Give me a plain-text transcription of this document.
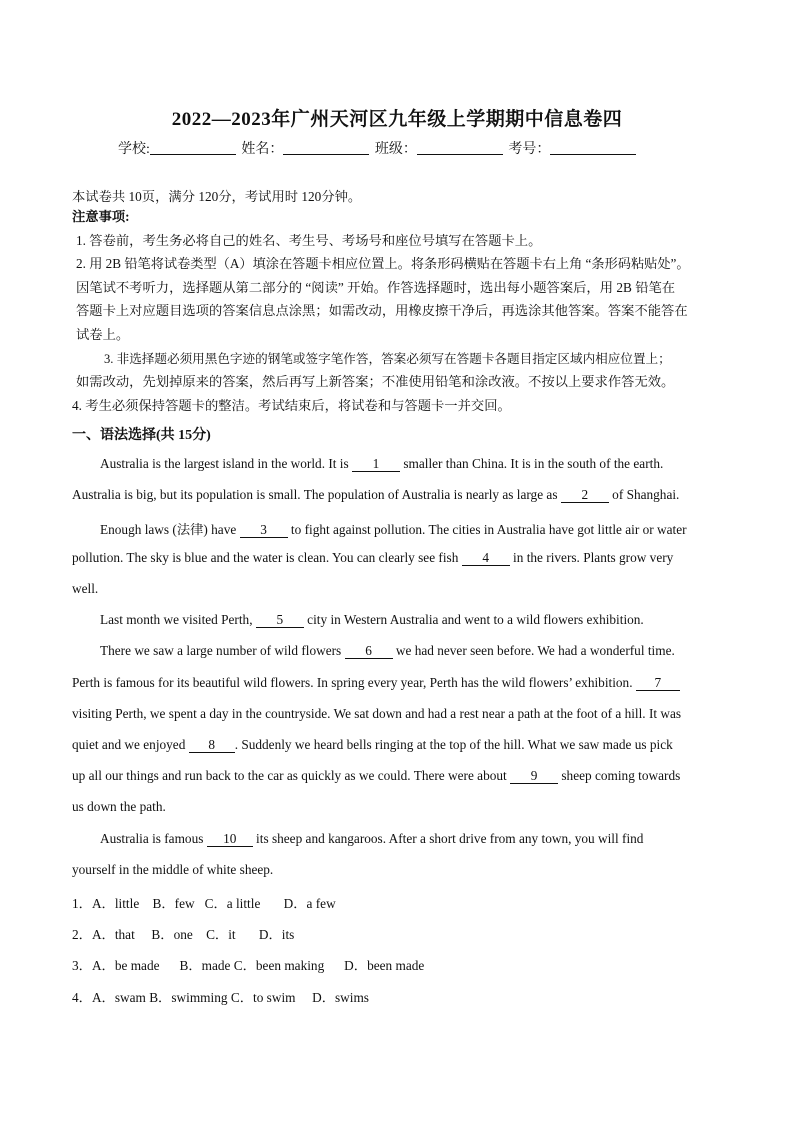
2022—2023年广州天河区九年级上学期期中信息卷四
学校:	姓名：	班级：	考号：
本试卷共 10页，满分 120分，考试用时 120分钟。
注意事项:
1. 答卷前，考生务必将自己的姓名、考生号、考场号和座位号填写在答题卡上。
2. 用 2B 铅笔将试卷类型（A）填涂在答题卡相应位置上。将条形码横贴在答题卡右上角 “条形码粘贴处”。
因笔试不考听力，选择题从第二部分的 “阅读” 开始。作答选择题时，选出每小题答案后，用 2B 铅笔在
答题卡上对应题目选项的答案信息点涂黑；如需改动，用橡皮擦干净后，再选涂其他答案。答案不能答在
试卷上。
3. 非选择题必须用黑色字迹的钢笔或签字笔作答，答案必须写在答题卡各题目指定区域内相应位置上；
如需改动，先划掉原来的答案，然后再写上新答案；不准使用铅笔和涂改液。不按以上要求作答无效。
4. 考生必须保持答题卡的整洁。考试结束后，将试卷和与答题卡一并交回。
一、语法选择(共 15分)
Australia is the largest island in the world. It is 1 smaller than China. It is in the south of the earth.
Australia is big, but its population is small. The population of Australia is nearly as large as 2 of Shanghai.
Enough laws (法律) have 3 to fight against pollution. The cities in Australia have got little air or water
pollution. The sky is blue and the water is clean. You can clearly see fish 4 in the rivers. Plants grow very
well.
Last month we visited Perth, 5 city in Western Australia and went to a wild flowers exhibition.
There we saw a large number of wild flowers 6 we had never seen before. We had a wonderful time.
Perth is famous for its beautiful wild flowers. In spring every year, Perth has the wild flowers’ exhibition. 7
visiting Perth, we spent a day in the countryside. We sat down and had a rest near a path at the foot of a hill. It was
quiet and we enjoyed 8 . Suddenly we heard bells ringing at the top of the hill. What we saw made us pick
up all our things and run back to the car as quickly as we could. There were about 9 sheep coming towards
us down the path.
Australia is famous 10 its sheep and kangaroos. After a short drive from any town, you will find
yourself in the middle of white sheep.
1．A．little    B．few   C．a little       D．a few
2．A．that     B．one    C．it       D．its
3．A．be made      B．made C．been making      D．been made
4．A．swam B．swimming C．to swim     D．swims
